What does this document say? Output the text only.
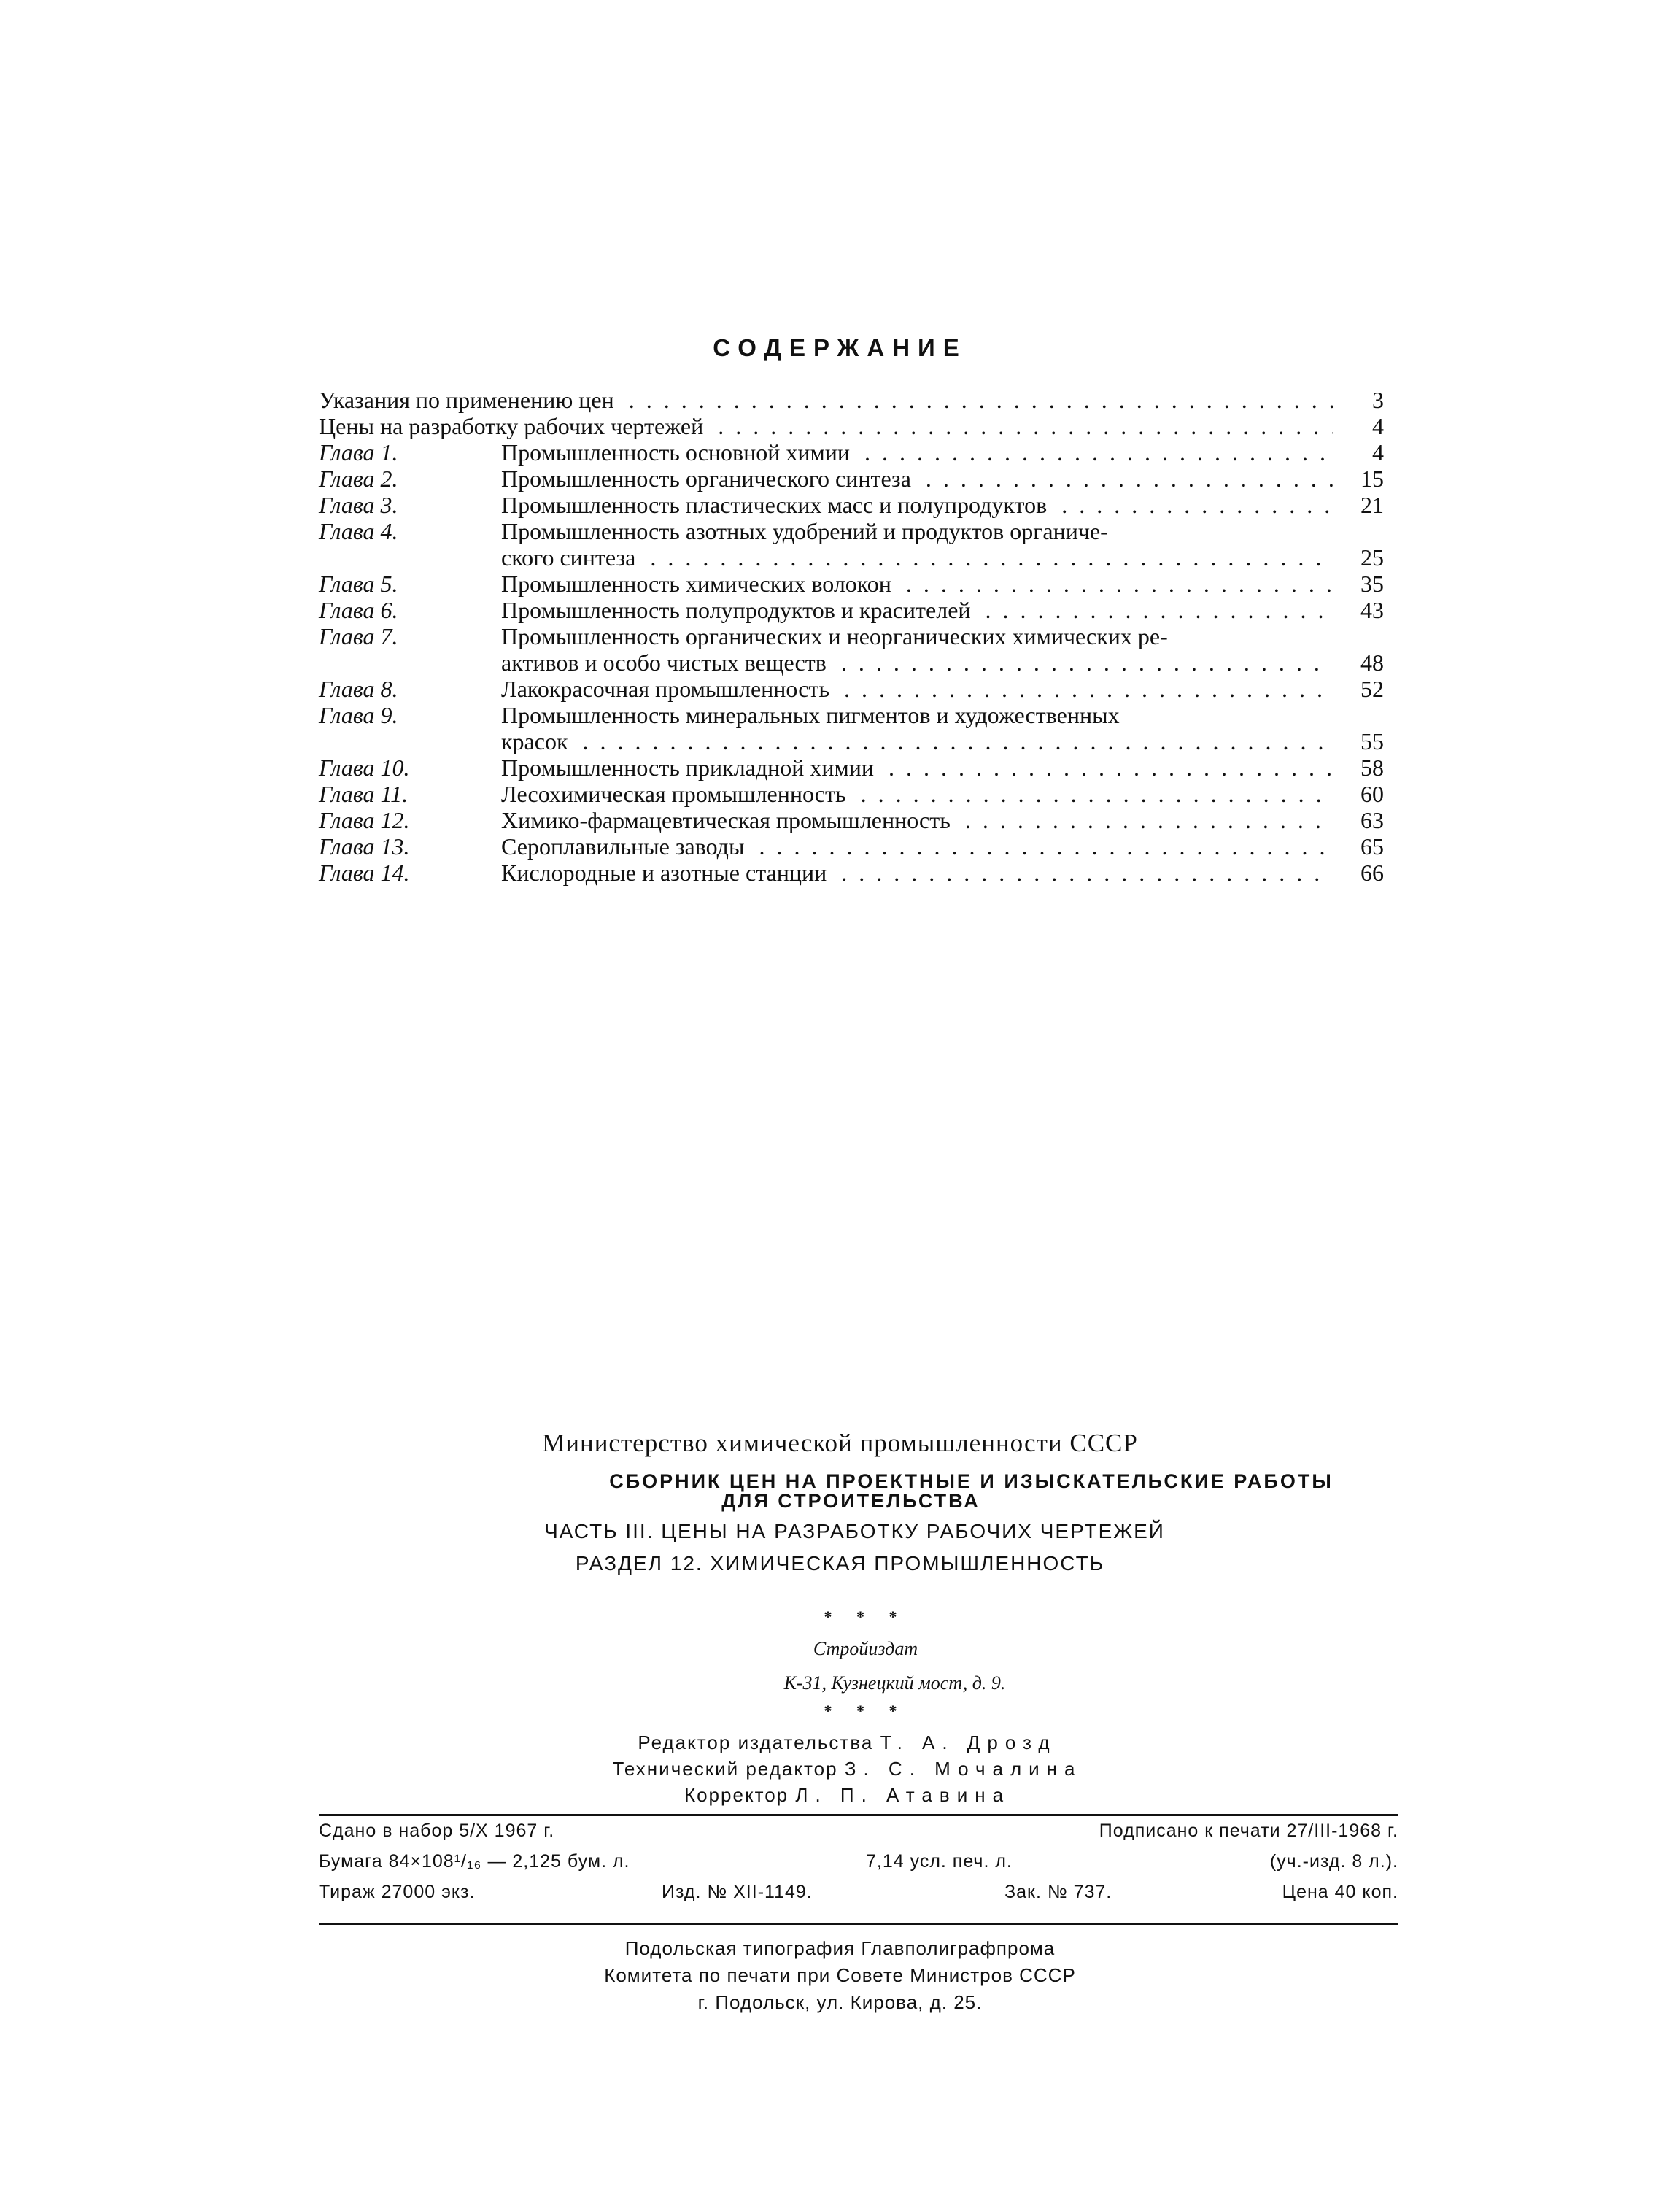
СОДЕРЖАНИЕ
Указания по применению цен . . .	3
Цены на разработку рабочих чертежей . . .	4
Глава 1.	Промышленность основной химии . . .	4
Глава 2.	Промышленность органического синтеза . . .	15
Глава 3.	Промышленность пластических масс и полупродуктов . . .	21
Глава 4.	Промышленность азотных удобрений и продуктов органиче-
ского синтеза . . .	25
Глава 5.	Промышленность химических волокон . . .	35
Глава 6.	Промышленность полупродуктов и красителей . . .	43
Глава 7.	Промышленность органических и неорганических химических ре-
активов и особо чистых веществ . . .	48
Глава 8.	Лакокрасочная промышленность . . .	52
Глава 9.	Промышленность минеральных пигментов и художественных
красок . . .	55
Глава 10.	Промышленность прикладной химии . . .	58
Глава 11.	Лесохимическая промышленность . . .	60
Глава 12.	Химико-фармацевтическая промышленность . . .	63
Глава 13.	Сероплавильные заводы . . .	65
Глава 14.	Кислородные и азотные станции . . .	66
Министерство химической промышленности СССР
СБОРНИК ЦЕН НА ПРОЕКТНЫЕ И ИЗЫСКАТЕЛЬСКИЕ РАБОТЫ
ДЛЯ СТРОИТЕЛЬСТВА
ЧАСТЬ III. ЦЕНЫ НА РАЗРАБОТКУ РАБОЧИХ ЧЕРТЕЖЕЙ
РАЗДЕЛ 12. ХИМИЧЕСКАЯ ПРОМЫШЛЕННОСТЬ
* * *
Стройиздат
К-31, Кузнецкий мост, д. 9.
* * *
Редактор издательства Т. А. Дрозд
Технический редактор З. С. Мочалина
Корректор Л. П. Атавина
Сдано в набор 5/X 1967 г.	Подписано к печати 27/III-1968 г.
Бумага 84×108¹/₁₆ — 2,125 бум. л.	7,14 усл. печ. л.	(уч.-изд. 8 л.).
Тираж 27000 экз.	Изд. № XII-1149.	Зак. № 737.	Цена 40 коп.
Подольская типография Главполиграфпрома
Комитета по печати при Совете Министров СССР
г. Подольск, ул. Кирова, д. 25.
